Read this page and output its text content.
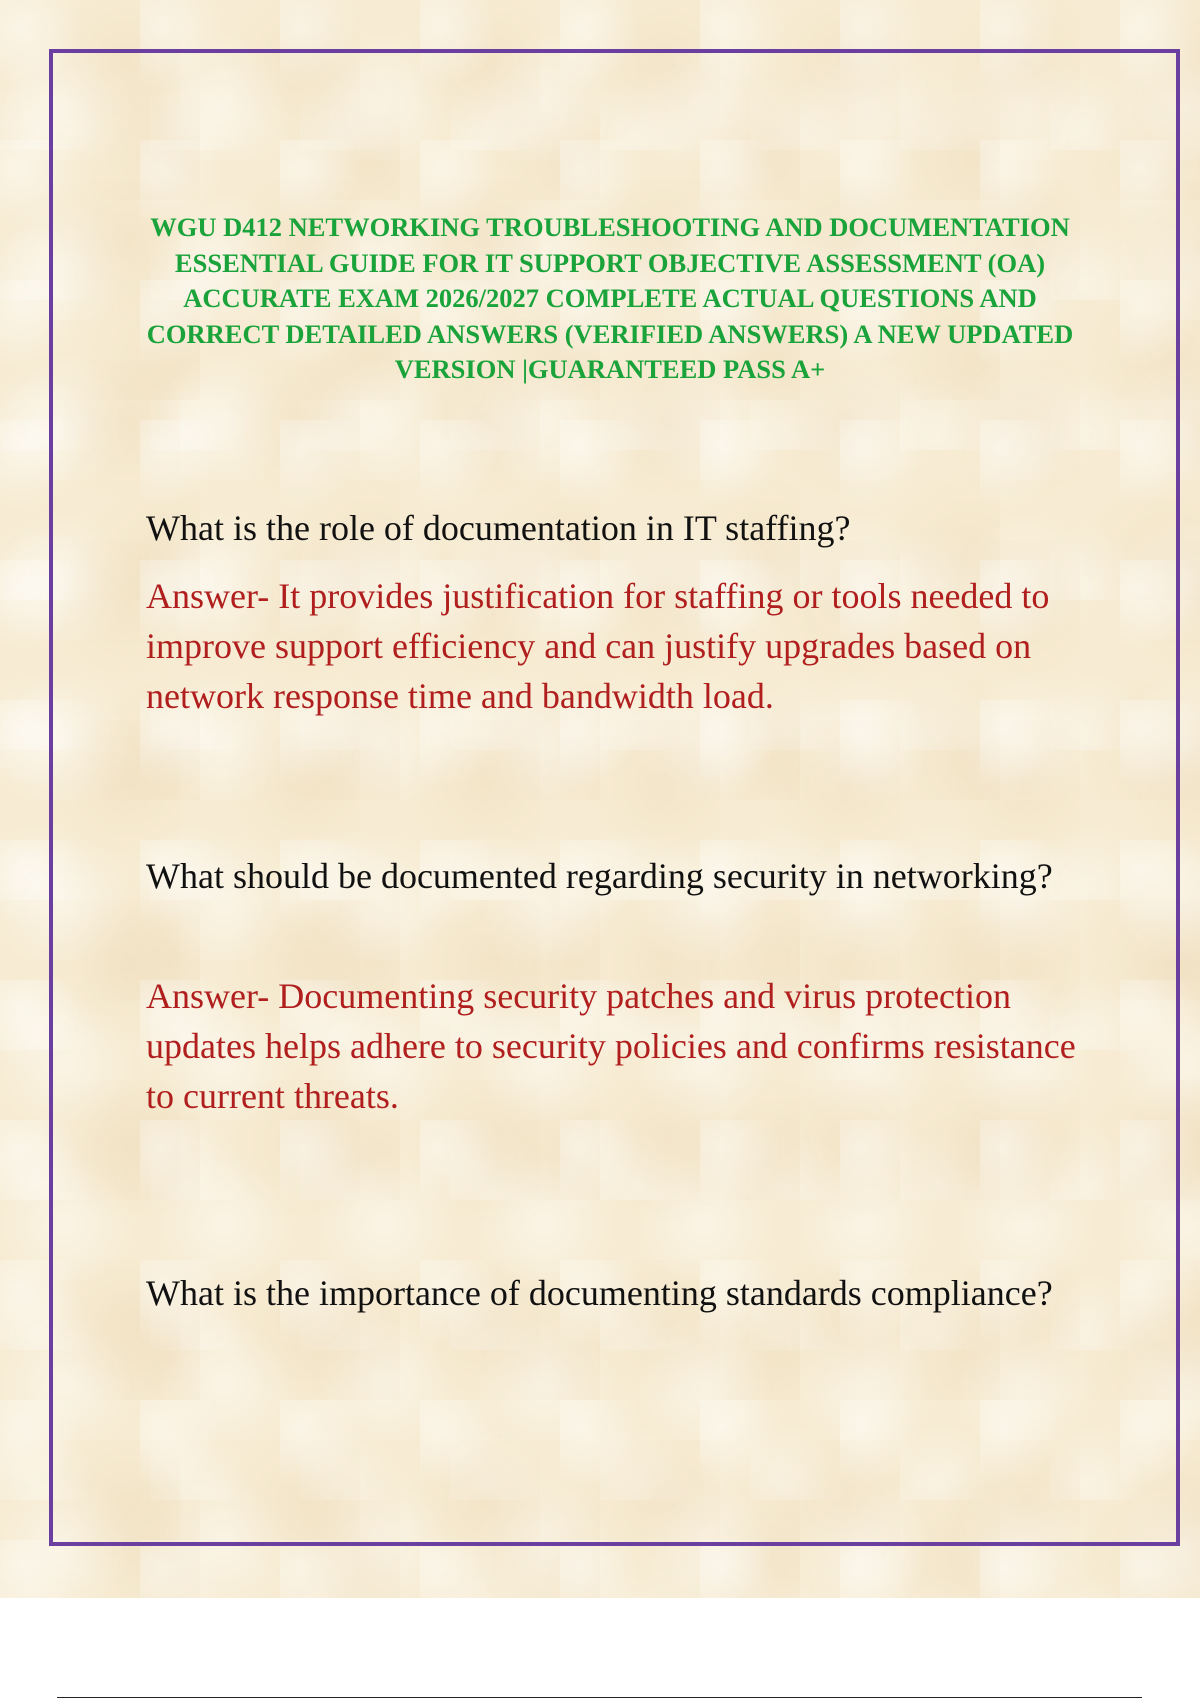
WGU D412 NETWORKING TROUBLESHOOTING AND DOCUMENTATION ESSENTIAL GUIDE FOR IT SUPPORT OBJECTIVE ASSESSMENT (OA) ACCURATE EXAM 2026/2027 COMPLETE ACTUAL QUESTIONS AND CORRECT DETAILED ANSWERS (VERIFIED ANSWERS) A NEW UPDATED VERSION |GUARANTEED PASS A+

What is the role of documentation in IT staffing?

Answer- It provides justification for staffing or tools needed to improve support efficiency and can justify upgrades based on network response time and bandwidth load.

What should be documented regarding security in networking?

Answer- Documenting security patches and virus protection updates helps adhere to security policies and confirms resistance to current threats.

What is the importance of documenting standards compliance?
